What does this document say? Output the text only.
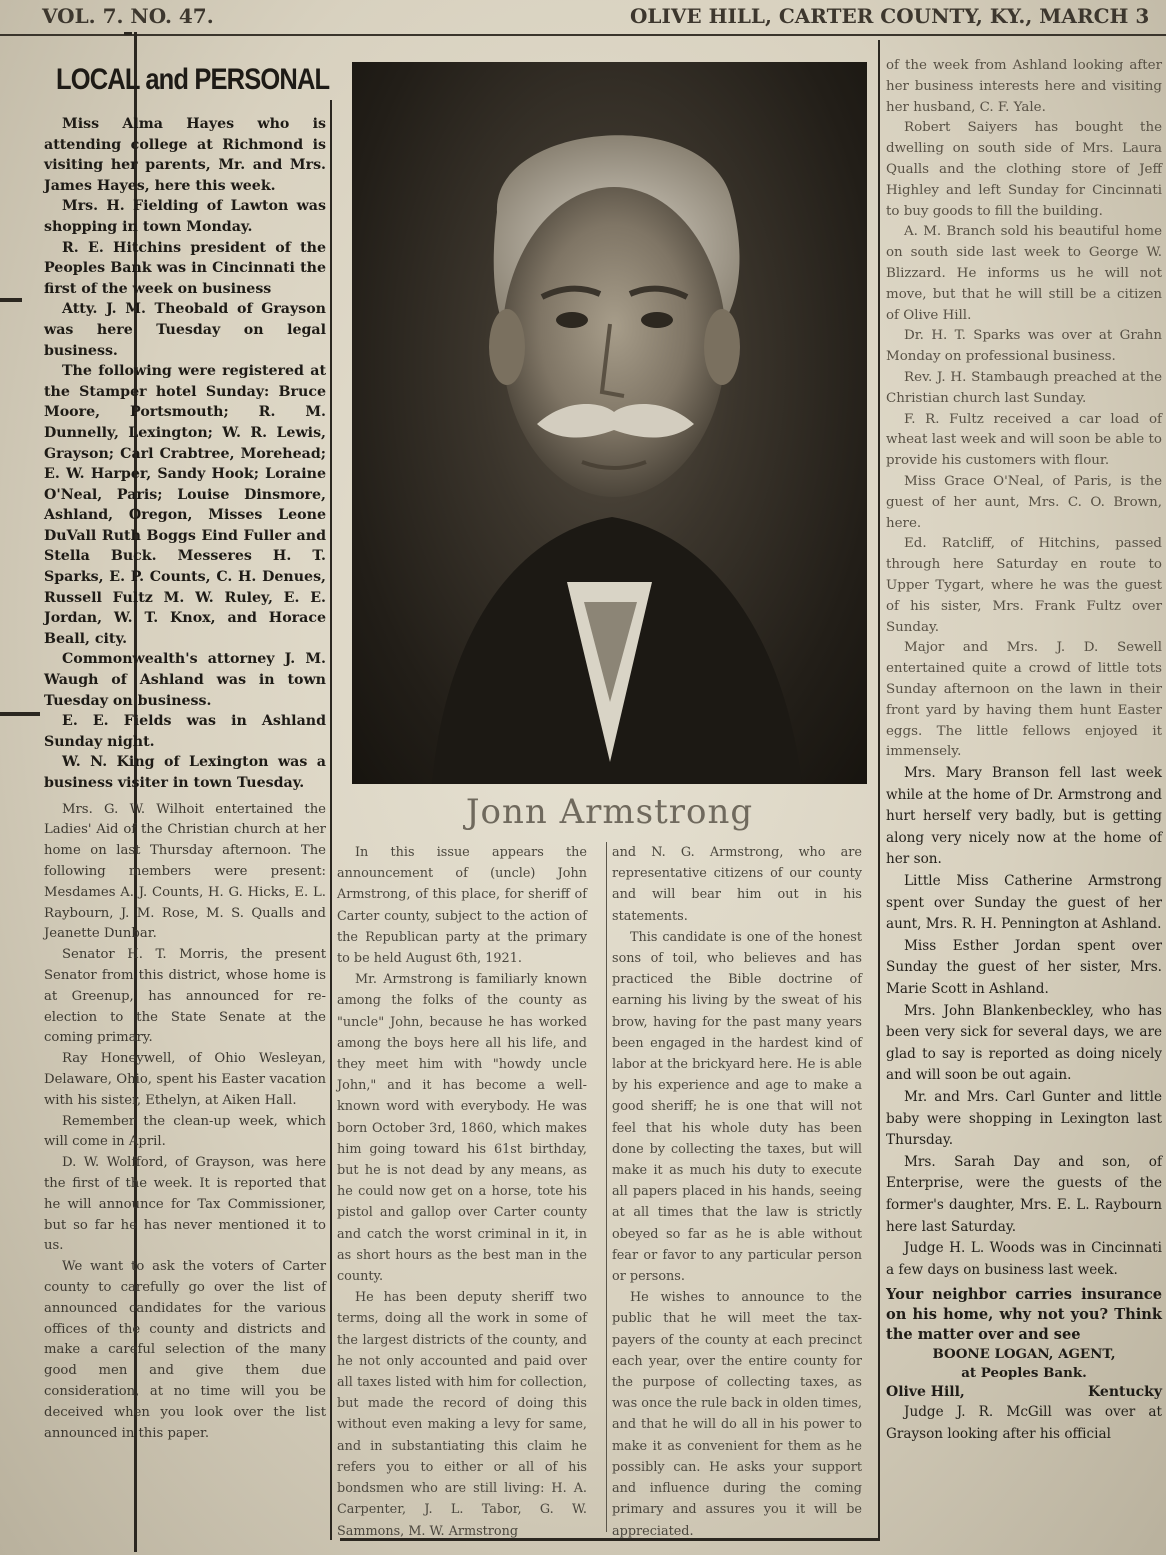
VOL. 7. NO. 47.	OLIVE HILL, CARTER COUNTY, KY., MARCH 3
LOCAL and PERSONAL

Miss Alma Hayes who is attending college at Richmond is visiting her parents, Mr. and Mrs. James Hayes, here this week.

Mrs. H. Fielding of Lawton was shopping in town Monday.

R. E. Hitchins president of the Peoples Bank was in Cincinnati the first of the week on business

Atty. J. M. Theobald of Grayson was here Tuesday on legal business.

The following were registered at the Stamper hotel Sunday: Bruce Moore, Portsmouth; R. M. Dunnelly, Lexington; W. R. Lewis, Grayson; Carl Crabtree, Morehead; E. W. Harper, Sandy Hook; Loraine O'Neal, Paris; Louise Dinsmore, Ashland, Oregon, Misses Leone DuVall Ruth Boggs Eind Fuller and Stella Buck. Messeres H. T. Sparks, E. P. Counts, C. H. Denues, Russell Fultz M. W. Ruley, E. E. Jordan, W. T. Knox, and Horace Beall, city.

Commonwealth's attorney J. M. Waugh of Ashland was in town Tuesday on business.

E. E. Fields was in Ashland Sunday night.

W. N. King of Lexington was a business visiter in town Tuesday.

Mrs. G. W. Wilhoit entertained the Ladies' Aid of the Christian church at her home on last Thursday afternoon. The following members were present: Mesdames A. J. Counts, H. G. Hicks, E. L. Raybourn, J. M. Rose, M. S. Qualls and Jeanette Dunbar.

Senator H. T. Morris, the present Senator from this district, whose home is at Greenup, has announced for re-election to the State Senate at the coming primary.

Ray Honeywell, of Ohio Wesleyan, Delaware, Ohio, spent his Easter vacation with his sister, Ethelyn, at Aiken Hall.

Remember the clean-up week, which will come in April.

D. W. Wolfford, of Grayson, was here the first of the week. It is reported that he will announce for Tax Commissioner, but so far he has never mentioned it to us.

We want to ask the voters of Carter county to carefully go over the list of announced candidates for the various offices of the county and districts and make a careful selection of the many good men and give them due consideration, at no time will you be deceived when you look over the list announced in this paper.

Jonn Armstrong

In this issue appears the announcement of (uncle) John Armstrong, of this place, for sheriff of Carter county, subject to the action of the Republican party at the primary to be held August 6th, 1921.

Mr. Armstrong is familiarly known among the folks of the county as "uncle" John, because he has worked among the boys here all his life, and they meet him with "howdy uncle John," and it has become a well-known word with everybody. He was born October 3rd, 1860, which makes him going toward his 61st birthday, but he is not dead by any means, as he could now get on a horse, tote his pistol and gallop over Carter county and catch the worst criminal in it, in as short hours as the best man in the county.

He has been deputy sheriff two terms, doing all the work in some of the largest districts of the county, and he not only accounted and paid over all taxes listed with him for collection, but made the record of doing this without even making a levy for same, and in substantiating this claim he refers you to either or all of his bondsmen who are still living: H. A. Carpenter, J. L. Tabor, G. W. Sammons, M. W. Armstrong

and N. G. Armstrong, who are representative citizens of our county and will bear him out in his statements.

This candidate is one of the honest sons of toil, who believes and has practiced the Bible doctrine of earning his living by the sweat of his brow, having for the past many years been engaged in the hardest kind of labor at the brickyard here. He is able by his experience and age to make a good sheriff; he is one that will not feel that his whole duty has been done by collecting the taxes, but will make it as much his duty to execute all papers placed in his hands, seeing at all times that the law is strictly obeyed so far as he is able without fear or favor to any particular person or persons.

He wishes to announce to the public that he will meet the tax-payers of the county at each precinct each year, over the entire county for the purpose of collecting taxes, as was once the rule back in olden times, and that he will do all in his power to make it as convenient for them as he possibly can. He asks your support and influence during the coming primary and assures you it will be appreciated.

of the week from Ashland looking after her business interests here and visiting her husband, C. F. Yale.

Robert Saiyers has bought the dwelling on south side of Mrs. Laura Qualls and the clothing store of Jeff Highley and left Sunday for Cincinnati to buy goods to fill the building.

A. M. Branch sold his beautiful home on south side last week to George W. Blizzard. He informs us he will not move, but that he will still be a citizen of Olive Hill.

Dr. H. T. Sparks was over at Grahn Monday on professional business.

Rev. J. H. Stambaugh preached at the Christian church last Sunday.

F. R. Fultz received a car load of wheat last week and will soon be able to provide his customers with flour.

Miss Grace O'Neal, of Paris, is the guest of her aunt, Mrs. C. O. Brown, here.

Ed. Ratcliff, of Hitchins, passed through here Saturday en route to Upper Tygart, where he was the guest of his sister, Mrs. Frank Fultz over Sunday.

Major and Mrs. J. D. Sewell entertained quite a crowd of little tots Sunday afternoon on the lawn in their front yard by having them hunt Easter eggs. The little fellows enjoyed it immensely.

Mrs. Mary Branson fell last week while at the home of Dr. Armstrong and hurt herself very badly, but is getting along very nicely now at the home of her son.

Little Miss Catherine Armstrong spent over Sunday the guest of her aunt, Mrs. R. H. Pennington at Ashland.

Miss Esther Jordan spent over Sunday the guest of her sister, Mrs. Marie Scott in Ashland.

Mrs. John Blankenbeckley, who has been very sick for several days, we are glad to say is reported as doing nicely and will soon be out again.

Mr. and Mrs. Carl Gunter and little baby were shopping in Lexington last Thursday.

Mrs. Sarah Day and son, of Enterprise, were the guests of the former's daughter, Mrs. E. L. Raybourn here last Saturday.

Judge H. L. Woods was in Cincinnati a few days on business last week.

Your neighbor carries insurance on his home, why not you? Think the matter over and see

BOONE LOGAN, AGENT,
at Peoples Bank.
Olive Hill,	Kentucky

Judge J. R. McGill was over at Grayson looking after his official
